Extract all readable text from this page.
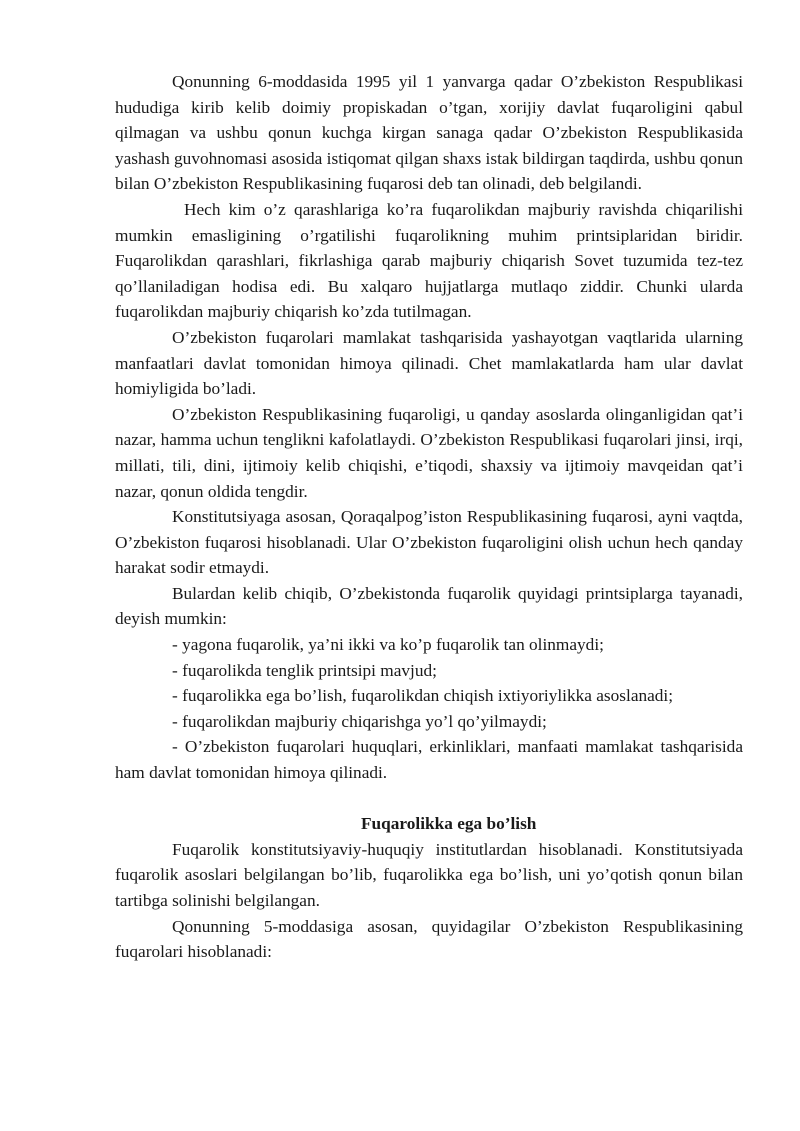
Qonunning 6-moddasida 1995 yil 1 yanvarga qadar O’zbekiston Respublikasi hududiga kirib kelib doimiy propiskadan o’tgan, xorijiy davlat fuqaroligini qabul qilmagan va ushbu qonun kuchga kirgan sanaga qadar O’zbekiston Respublikasida yashash guvohnomasi asosida istiqomat qilgan shaxs istak bildirgan taqdirda, ushbu qonun bilan O’zbekiston Respublikasining fuqarosi deb tan olinadi, deb belgilandi.

Hech kim o’z qarashlariga ko’ra fuqarolikdan majburiy ravishda chiqarilishi mumkin emasligining o’rgatilishi fuqarolikning muhim printsiplaridan biridir. Fuqarolikdan qarashlari, fikrlashiga qarab majburiy chiqarish Sovet tuzumida tez-tez qo’llaniladigan hodisa edi. Bu xalqaro hujjatlarga mutlaqo ziddir. Chunki ularda fuqarolikdan majburiy chiqarish ko’zda tutilmagan.

O’zbekiston fuqarolari mamlakat tashqarisida yashayotgan vaqtlarida ularning manfaatlari davlat tomonidan himoya qilinadi. Chet mamlakatlarda ham ular davlat homiyligida bo’ladi.

O’zbekiston Respublikasining fuqaroligi, u qanday asoslarda olinganligidan qat’i nazar, hamma uchun tenglikni kafolatlaydi. O’zbekiston Respublikasi fuqarolari jinsi, irqi, millati, tili, dini, ijtimoiy kelib chiqishi, e’tiqodi, shaxsiy va ijtimoiy mavqeidan qat’i nazar, qonun oldida tengdir.

Konstitutsiyaga asosan, Qoraqalpog’iston Respublikasining fuqarosi, ayni vaqtda, O’zbekiston fuqarosi hisoblanadi. Ular O’zbekiston fuqaroligini olish uchun hech qanday harakat sodir etmaydi.

Bulardan kelib chiqib, O’zbekistonda fuqarolik quyidagi printsiplarga tayanadi, deyish mumkin:

- yagona fuqarolik, ya’ni ikki va ko’p fuqarolik tan olinmaydi;

- fuqarolikda tenglik printsipi mavjud;

- fuqarolikka ega bo’lish, fuqarolikdan chiqish ixtiyoriylikka asoslanadi;

- fuqarolikdan majburiy chiqarishga yo’l qo’yilmaydi;

- O’zbekiston fuqarolari huquqlari, erkinliklari, manfaati mamlakat tashqarisida ham davlat tomonidan himoya qilinadi.

Fuqarolikka ega bo’lish

Fuqarolik konstitutsiyaviy-huquqiy institutlardan hisoblanadi. Konstitutsiyada fuqarolik asoslari belgilangan bo’lib, fuqarolikka ega bo’lish, uni yo’qotish qonun bilan tartibga solinishi belgilangan.

Qonunning 5-moddasiga asosan, quyidagilar O’zbekiston Respublikasining fuqarolari hisoblanadi:
